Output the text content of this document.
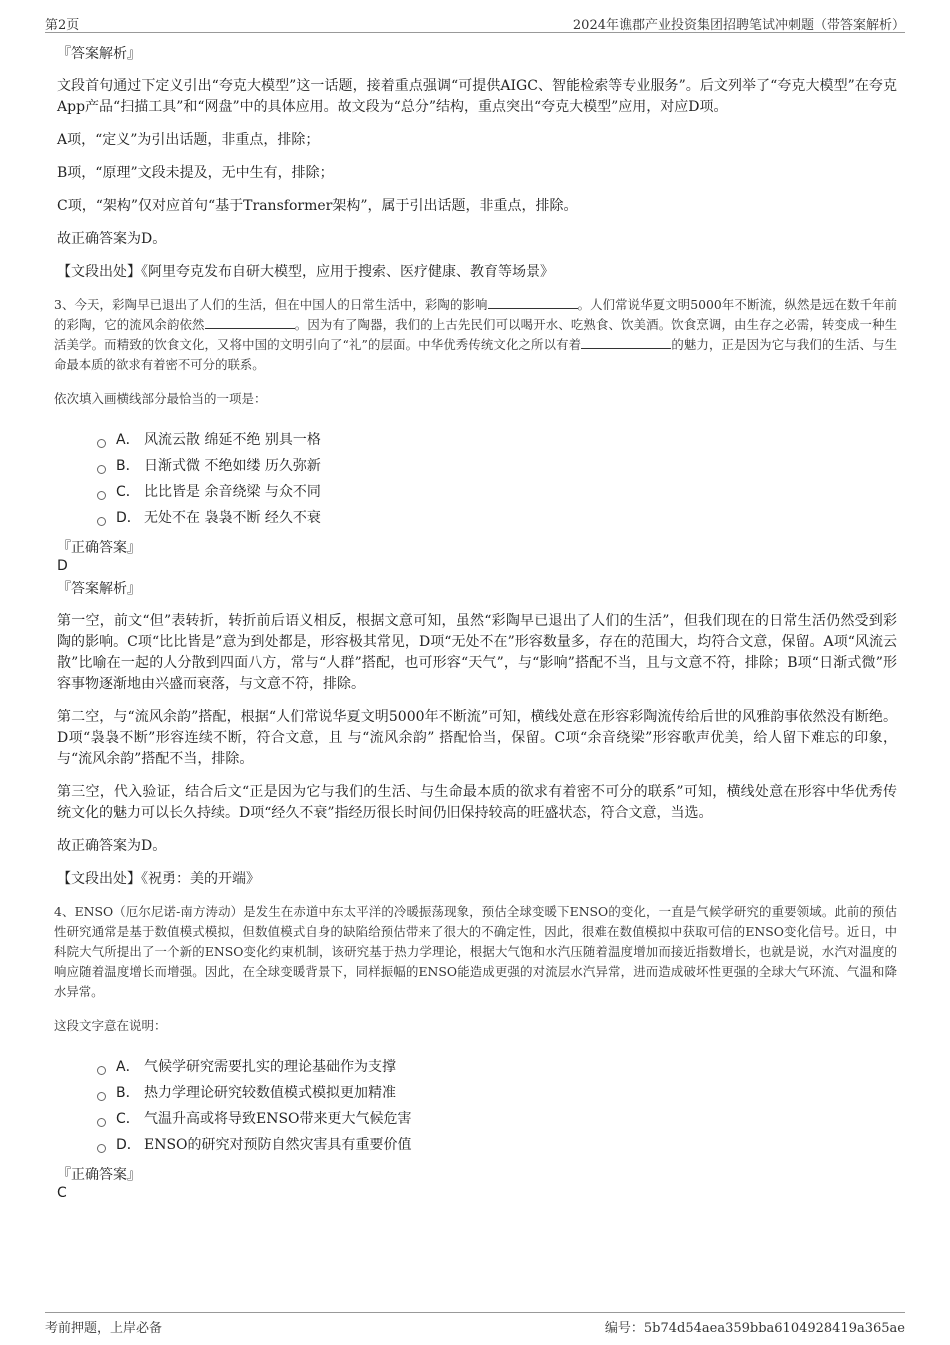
第2页	2024年谯郡产业投资集团招聘笔试冲刺题（带答案解析）
『答案解析』
文段首句通过下定义引出“夸克大模型”这一话题，接着重点强调“可提供AIGC、智能检索等专业服务”。后文列举了“夸克大模型”在夸克App产品“扫描工具”和“网盘”中的具体应用。故文段为“总分”结构，重点突出“夸克大模型”应用，对应D项。
A项，“定义”为引出话题，非重点，排除；
B项，“原理”文段未提及，无中生有，排除；
C项，“架构”仅对应首句“基于Transformer架构”，属于引出话题，非重点，排除。
故正确答案为D。
【文段出处】《阿里夸克发布自研大模型，应用于搜索、医疗健康、教育等场景》
3、今天，彩陶早已退出了人们的生活，但在中国人的日常生活中，彩陶的影响	。人们常说华夏文明5000年不断流，纵然是远在数千年前的彩陶，它的流风余韵依然	。因为有了陶器，我们的上古先民们可以喝开水、吃熟食、饮美酒。饮食烹调，由生存之必需，转变成一种生活美学。而精致的饮食文化，又将中国的文明引向了“礼”的层面。中华优秀传统文化之所以有着	的魅力，正是因为它与我们的生活、与生命最本质的欲求有着密不可分的联系。
依次填入画横线部分最恰当的一项是：
A． 风流云散 绵延不绝 别具一格
B． 日渐式微 不绝如缕 历久弥新
C． 比比皆是 余音绕梁 与众不同
D． 无处不在 袅袅不断 经久不衰
『正确答案』
D
『答案解析』
第一空，前文“但”表转折，转折前后语义相反，根据文意可知，虽然“彩陶早已退出了人们的生活”，但我们现在的日常生活仍然受到彩陶的影响。C项“比比皆是”意为到处都是，形容极其常见，D项“无处不在”形容数量多，存在的范围大，均符合文意，保留。A项“风流云散”比喻在一起的人分散到四面八方，常与“人群”搭配，也可形容“天气”，与“影响”搭配不当，且与文意不符，排除；B项“日渐式微”形容事物逐渐地由兴盛而衰落，与文意不符，排除。
第二空，与“流风余韵”搭配，根据“人们常说华夏文明5000年不断流”可知，横线处意在形容彩陶流传给后世的风雅韵事依然没有断绝。D项“袅袅不断”形容连续不断，符合文意，且 与“流风余韵” 搭配恰当，保留。C项“余音绕梁”形容歌声优美，给人留下难忘的印象，与“流风余韵”搭配不当，排除。
第三空，代入验证，结合后文“正是因为它与我们的生活、与生命最本质的欲求有着密不可分的联系”可知，横线处意在形容中华优秀传统文化的魅力可以长久持续。D项“经久不衰”指经历很长时间仍旧保持较高的旺盛状态，符合文意，当选。
故正确答案为D。
【文段出处】《祝勇：美的开端》
4、ENSO（厄尔尼诺-南方涛动）是发生在赤道中东太平洋的冷暖振荡现象，预估全球变暖下ENSO的变化，一直是气候学研究的重要领域。此前的预估性研究通常是基于数值模式模拟，但数值模式自身的缺陷给预估带来了很大的不确定性，因此，很难在数值模拟中获取可信的ENSO变化信号。近日，中科院大气所提出了一个新的ENSO变化约束机制，该研究基于热力学理论，根据大气饱和水汽压随着温度增加而接近指数增长，也就是说，水汽对温度的响应随着温度增长而增强。因此，在全球变暖背景下，同样振幅的ENSO能造成更强的对流层水汽异常，进而造成破坏性更强的全球大气环流、气温和降水异常。
这段文字意在说明：
A． 气候学研究需要扎实的理论基础作为支撑
B． 热力学理论研究较数值模式模拟更加精准
C． 气温升高或将导致ENSO带来更大气候危害
D． ENSO的研究对预防自然灾害具有重要价值
『正确答案』
C
考前押题，上岸必备	编号：5b74d54aea359bba6104928419a365ae
